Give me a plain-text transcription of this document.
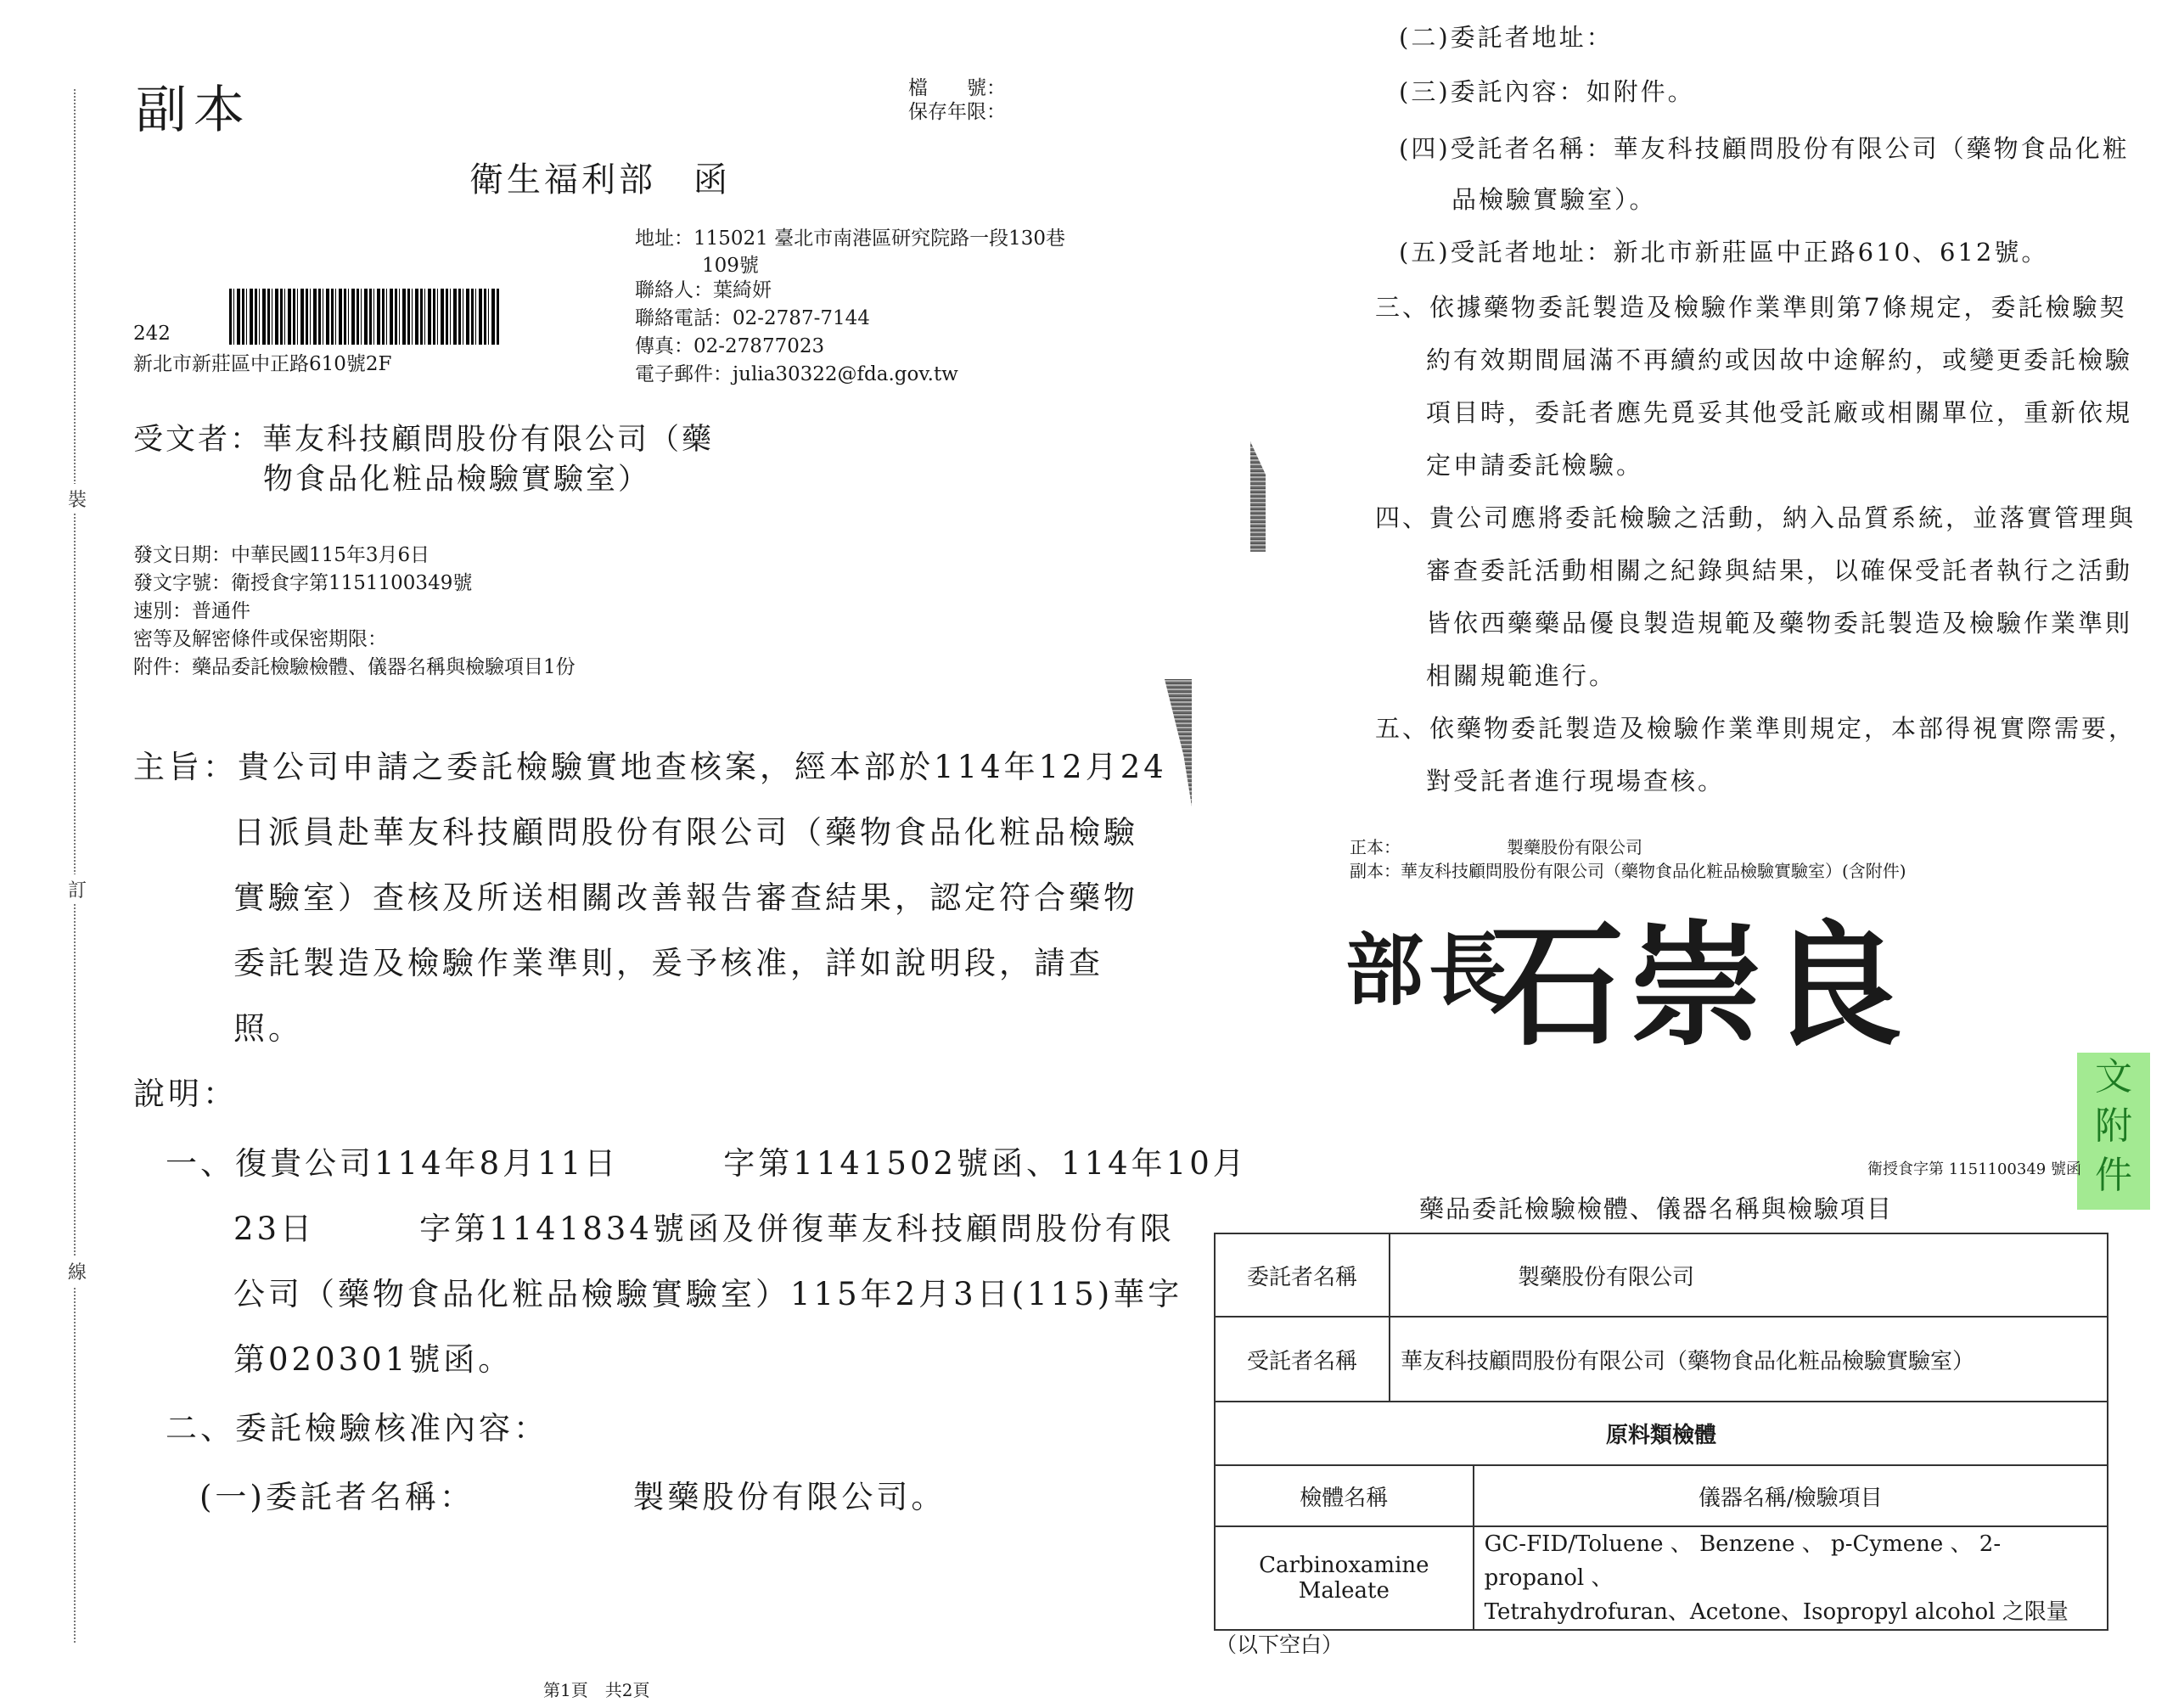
裝
訂
線
副本	檔　　號：
保存年限：
衛生福利部　函
地址：115021 臺北市南港區研究院路一段130巷
109號
聯絡人：葉綺妍
聯絡電話：02-2787-7144
傳真：02-27877023
電子郵件：julia30322@fda.gov.tw
242
新北市新莊區中正路610號2F
受文者：華友科技顧問股份有限公司（藥
物食品化粧品檢驗實驗室）
發文日期：中華民國115年3月6日
發文字號：衛授食字第1151100349號
速別：普通件
密等及解密條件或保密期限：
附件：藥品委託檢驗檢體、儀器名稱與檢驗項目1份
主旨：貴公司申請之委託檢驗實地查核案，經本部於114年12月24
日派員赴華友科技顧問股份有限公司（藥物食品化粧品檢驗
實驗室）查核及所送相關改善報告審查結果，認定符合藥物
委託製造及檢驗作業準則，爰予核准，詳如說明段，請查
照。
說明：
一、復貴公司114年8月11日　　　字第1141502號函、114年10月
23日　　　字第1141834號函及併復華友科技顧問股份有限
公司（藥物食品化粧品檢驗實驗室）115年2月3日(115)華字
第020301號函。
二、委託檢驗核准內容：
(一)委託者名稱：　　　　　製藥股份有限公司。
第1頁　共2頁
(二)委託者地址：
(三)委託內容：如附件。
(四)受託者名稱：華友科技顧問股份有限公司（藥物食品化粧
品檢驗實驗室）。
(五)受託者地址：新北市新莊區中正路610、612號。
三、依據藥物委託製造及檢驗作業準則第7條規定，委託檢驗契
約有效期間屆滿不再續約或因故中途解約，或變更委託檢驗
項目時，委託者應先覓妥其他受託廠或相關單位，重新依規
定申請委託檢驗。
四、貴公司應將委託檢驗之活動，納入品質系統，並落實管理與
審查委託活動相關之紀錄與結果，以確保受託者執行之活動
皆依西藥藥品優良製造規範及藥物委託製造及檢驗作業準則
相關規範進行。
五、依藥物委託製造及檢驗作業準則規定，本部得視實際需要，
對受託者進行現場查核。
正本：	製藥股份有限公司
副本：華友科技顧問股份有限公司（藥物食品化粧品檢驗實驗室）(含附件)
部長
石崇良
文
附
件
衛授食字第 1151100349 號函
藥品委託檢驗檢體、儀器名稱與檢驗項目
委託者名稱	製藥股份有限公司	
受託者名稱	華友科技顧問股份有限公司（藥物食品化粧品檢驗實驗室）	
原料類檢體		
檢體名稱		儀器名稱/檢驗項目
Carbinoxamine Maleate		GC-FID/Toluene 、 Benzene 、 p-Cymene 、 2-propanol 、
Tetrahydrofuran、Acetone、Isopropyl alcohol 之限量
（以下空白）
